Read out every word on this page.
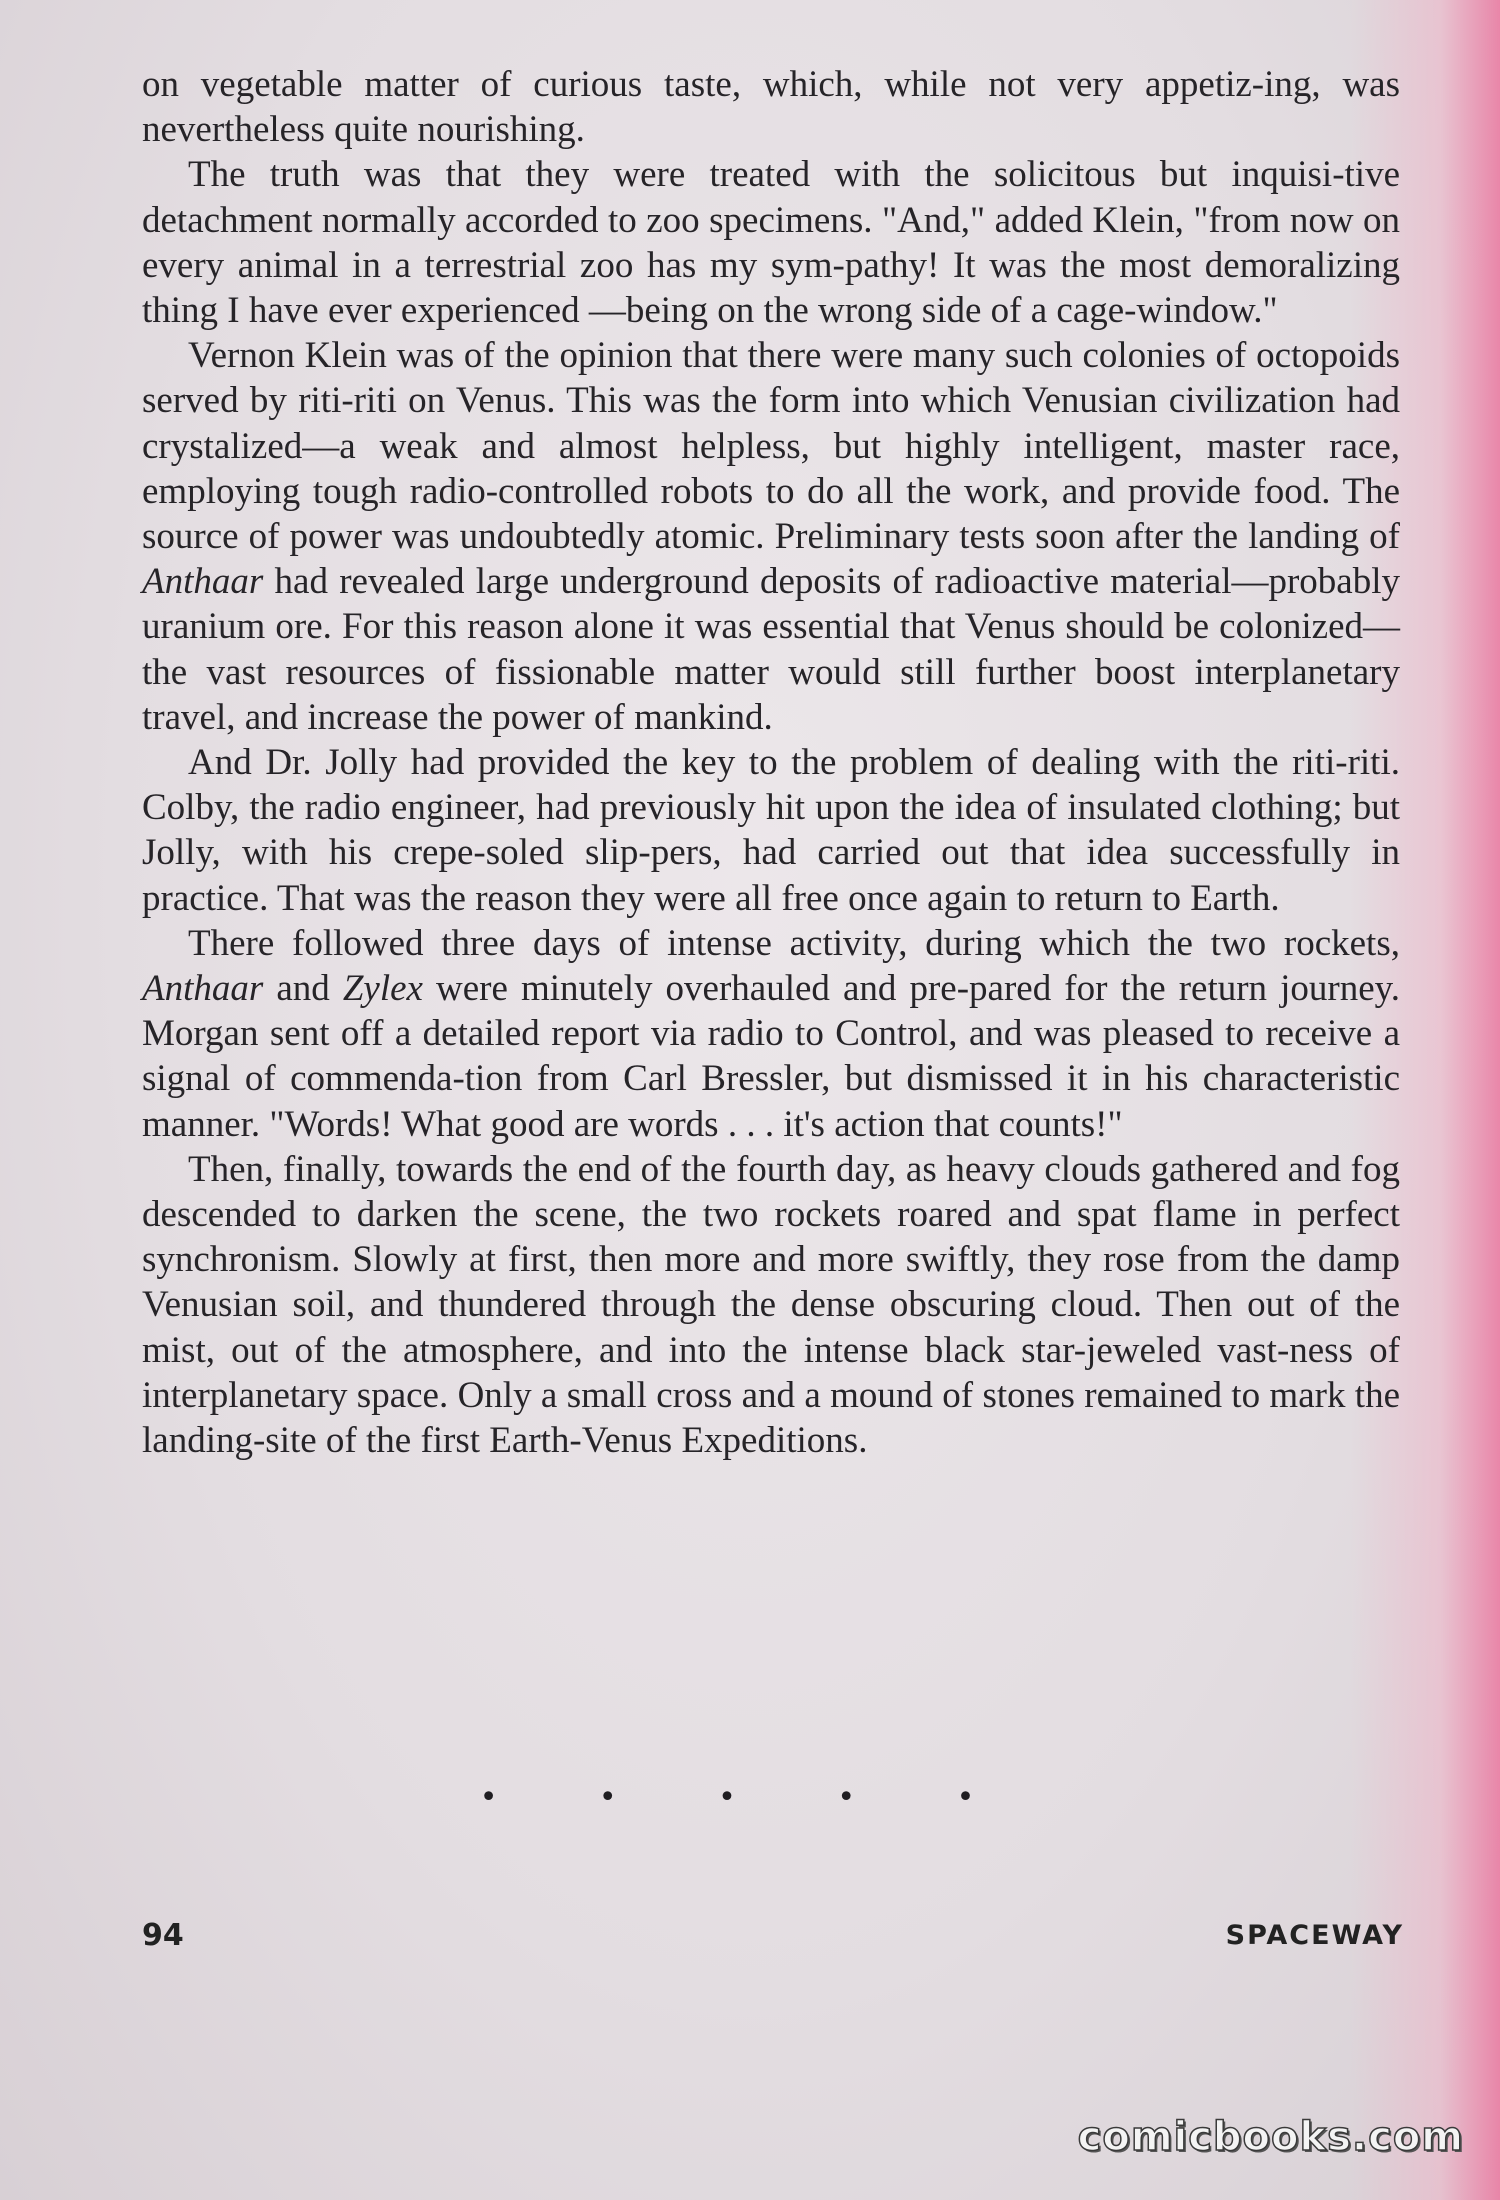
on vegetable matter of curious taste, which, while not very appetiz-ing, was nevertheless quite nourishing.

The truth was that they were treated with the solicitous but inquisi-tive detachment normally accorded to zoo specimens. "And," added Klein, "from now on every animal in a terrestrial zoo has my sym-pathy! It was the most demoralizing thing I have ever experienced —being on the wrong side of a cage-window."

Vernon Klein was of the opinion that there were many such colonies of octopoids served by riti-riti on Venus. This was the form into which Venusian civilization had crystalized—a weak and almost helpless, but highly intelligent, master race, employing tough radio-controlled robots to do all the work, and provide food. The source of power was undoubtedly atomic. Preliminary tests soon after the landing of Anthaar had revealed large underground deposits of radioactive material—probably uranium ore. For this reason alone it was essential that Venus should be colonized—the vast resources of fissionable matter would still further boost interplanetary travel, and increase the power of mankind.

And Dr. Jolly had provided the key to the problem of dealing with the riti-riti. Colby, the radio engineer, had previously hit upon the idea of insulated clothing; but Jolly, with his crepe-soled slip-pers, had carried out that idea successfully in practice. That was the reason they were all free once again to return to Earth.

There followed three days of intense activity, during which the two rockets, Anthaar and Zylex were minutely overhauled and pre-pared for the return journey. Morgan sent off a detailed report via radio to Control, and was pleased to receive a signal of commenda-tion from Carl Bressler, but dismissed it in his characteristic manner. "Words! What good are words . . . it's action that counts!"

Then, finally, towards the end of the fourth day, as heavy clouds gathered and fog descended to darken the scene, the two rockets roared and spat flame in perfect synchronism. Slowly at first, then more and more swiftly, they rose from the damp Venusian soil, and thundered through the dense obscuring cloud. Then out of the mist, out of the atmosphere, and into the intense black star-jeweled vast-ness of interplanetary space. Only a small cross and a mound of stones remained to mark the landing-site of the first Earth-Venus Expeditions.

• • • • •
94	SPACEWAY
comicbooks.com
